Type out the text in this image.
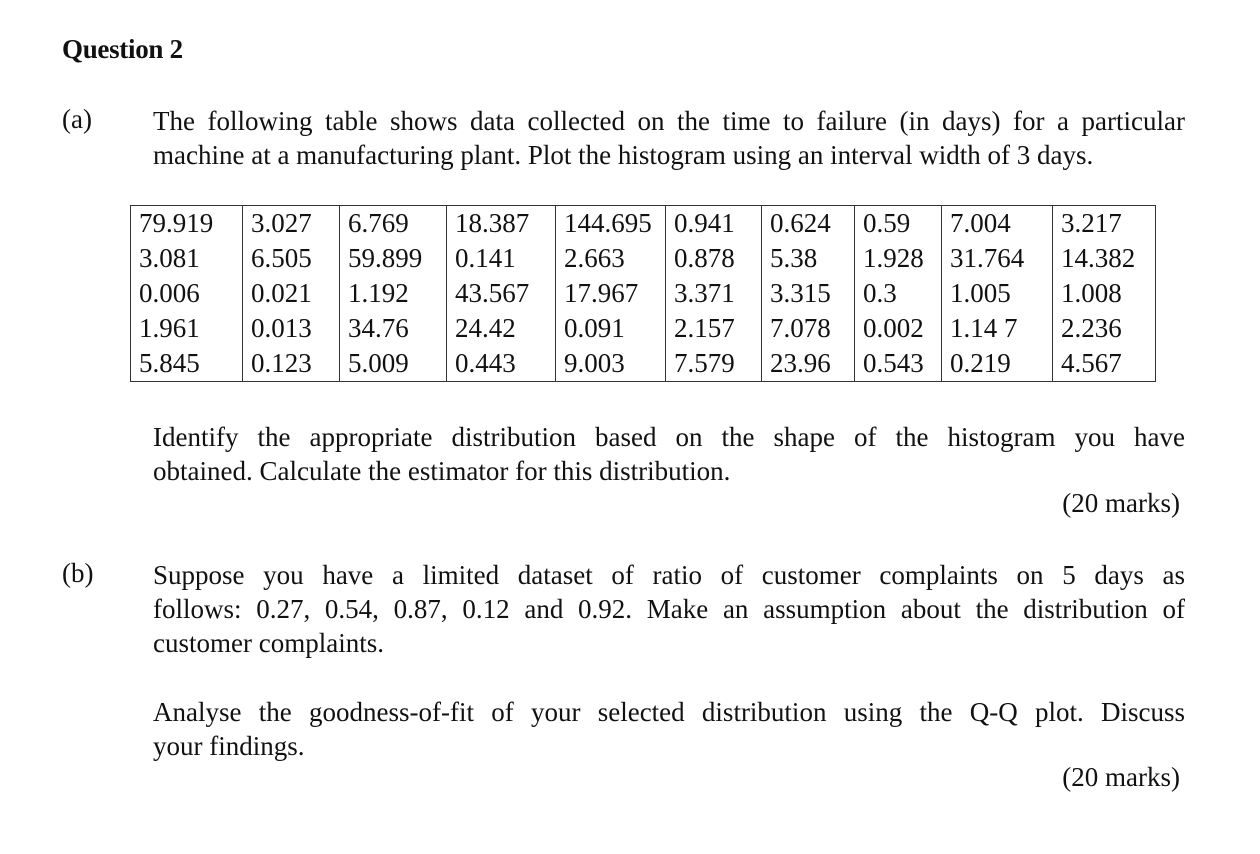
Question 2
(a) The following table shows data collected on the time to failure (in days) for a particular
machine at a manufacturing plant. Plot the histogram using an interval width of 3 days.
79.919	3.027	6.769	18.387	144.695	0.941	0.624	0.59	7.004	3.217
3.081	6.505	59.899	0.141	2.663	0.878	5.38	1.928	31.764	14.382
0.006	0.021	1.192	43.567	17.967	3.371	3.315	0.3	1.005	1.008
1.961	0.013	34.76	24.42	0.091	2.157	7.078	0.002	1.14 7	2.236
5.845	0.123	5.009	0.443	9.003	7.579	23.96	0.543	0.219	4.567
Identify the appropriate distribution based on the shape of the histogram you have
obtained. Calculate the estimator for this distribution.
(20 marks)
(b) Suppose you have a limited dataset of ratio of customer complaints on 5 days as
follows: 0.27, 0.54, 0.87, 0.12 and 0.92. Make an assumption about the distribution of
customer complaints.
Analyse the goodness-of-fit of your selected distribution using the Q-Q plot. Discuss
your findings.
(20 marks)
